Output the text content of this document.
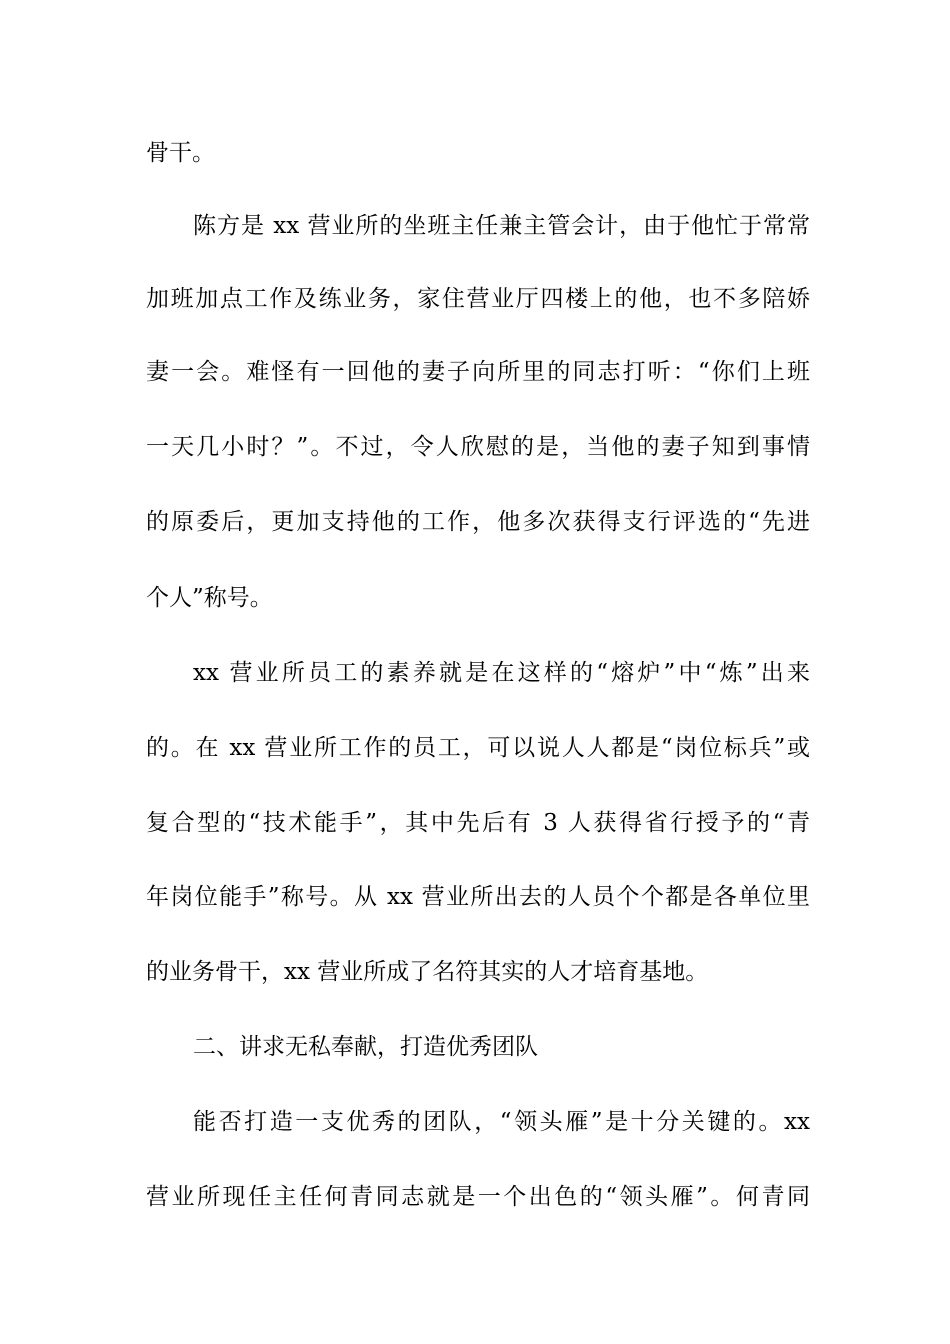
骨干。
陈方是 xx 营业所的坐班主任兼主管会计，由于他忙于常常
加班加点工作及练业务，家住营业厅四楼上的他，也不多陪娇
妻一会。难怪有一回他的妻子向所里的同志打听：“你们上班
一天几小时？”。不过，令人欣慰的是，当他的妻子知到事情
的原委后，更加支持他的工作，他多次获得支行评选的“先进
个人”称号。
xx 营业所员工的素养就是在这样的“熔炉”中“炼”出来
的。在 xx 营业所工作的员工，可以说人人都是“岗位标兵”或
复合型的“技术能手”，其中先后有 3 人获得省行授予的“青
年岗位能手”称号。从 xx 营业所出去的人员个个都是各单位里
的业务骨干，xx 营业所成了名符其实的人才培育基地。
二、讲求无私奉献，打造优秀团队
能否打造一支优秀的团队，“领头雁”是十分关键的。xx
营业所现任主任何青同志就是一个出色的“领头雁”。何青同
